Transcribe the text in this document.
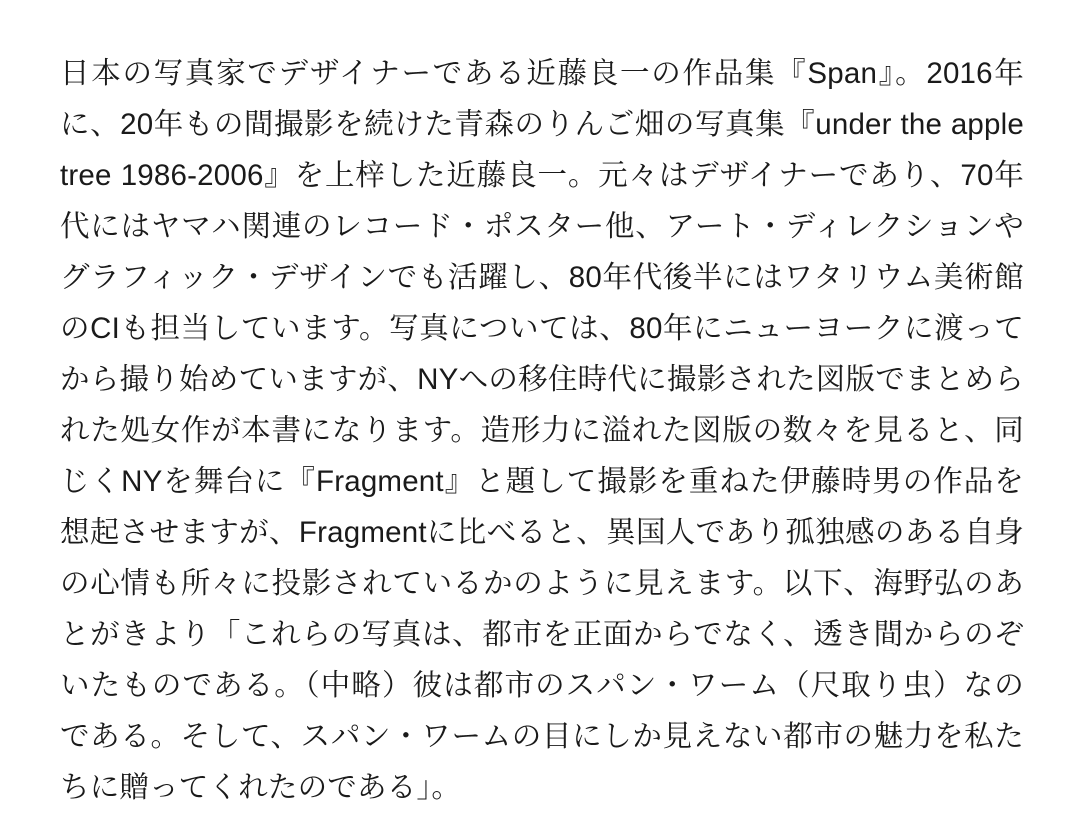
日本の写真家でデザイナーである近藤良一の作品集『Span』。2016年に、20年もの間撮影を続けた青森のりんご畑の写真集『under the apple tree 1986-2006』を上梓した近藤良一。元々はデザイナーであり、70年代にはヤマハ関連のレコード・ポスター他、アート・ディレクションやグラフィック・デザインでも活躍し、80年代後半にはワタリウム美術館のCIも担当しています。写真については、80年にニューヨークに渡ってから撮り始めていますが、NYへの移住時代に撮影された図版でまとめられた処女作が本書になります。造形力に溢れた図版の数々を見ると、同じくNYを舞台に『Fragment』と題して撮影を重ねた伊藤時男の作品を想起させますが、Fragmentに比べると、異国人であり孤独感のある自身の心情も所々に投影されているかのように見えます。以下、海野弘のあとがきより「これらの写真は、都市を正面からでなく、透き間からのぞいたものである。（中略）彼は都市のスパン・ワーム（尺取り虫）なのである。そして、スパン・ワームの目にしか見えない都市の魅力を私たちに贈ってくれたのである」。
